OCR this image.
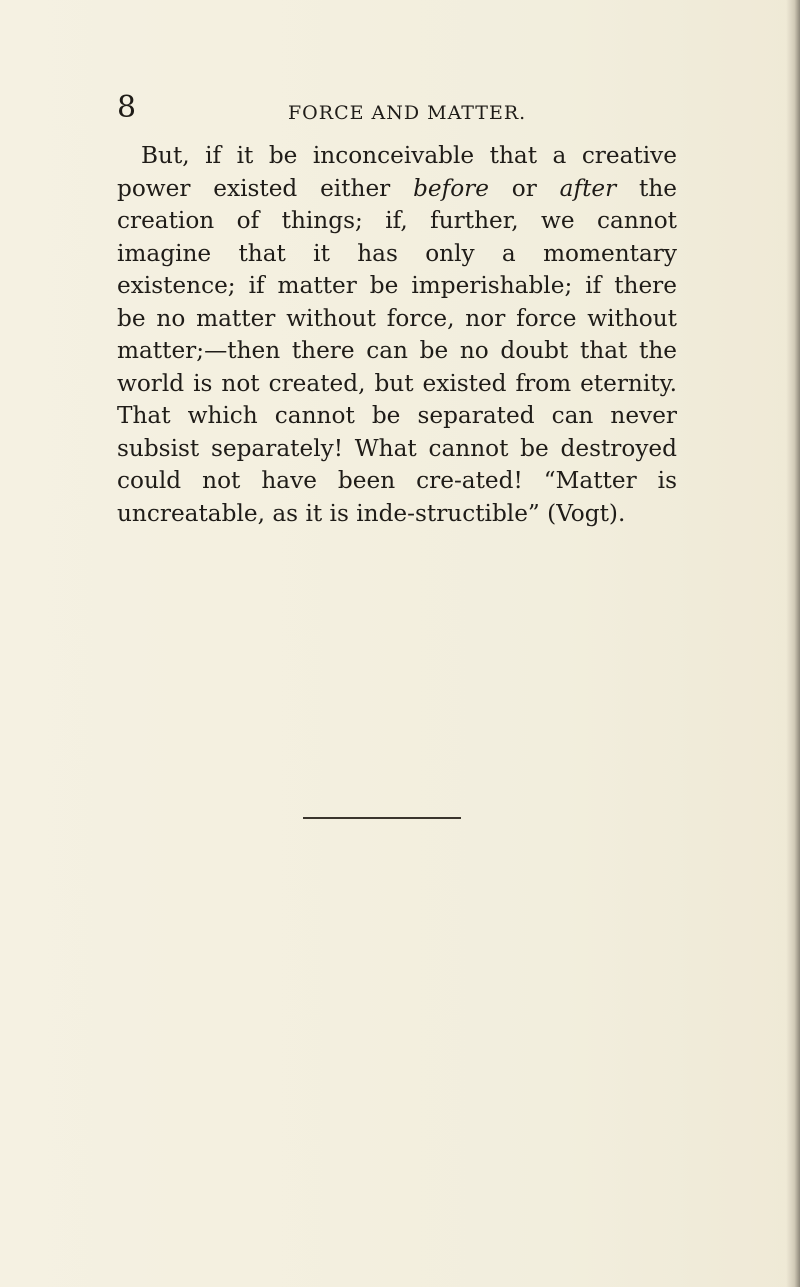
8	FORCE AND MATTER.

But, if it be inconceivable that a creative power existed either before or after the creation of things; if, further, we cannot imagine that it has only a momentary existence; if matter be imperishable; if there be no matter without force, nor force without matter;—then there can be no doubt that the world is not created, but existed from eternity. That which cannot be separated can never subsist separately! What cannot be destroyed could not have been cre-ated! “Matter is uncreatable, as it is inde-structible” (Vogt).
